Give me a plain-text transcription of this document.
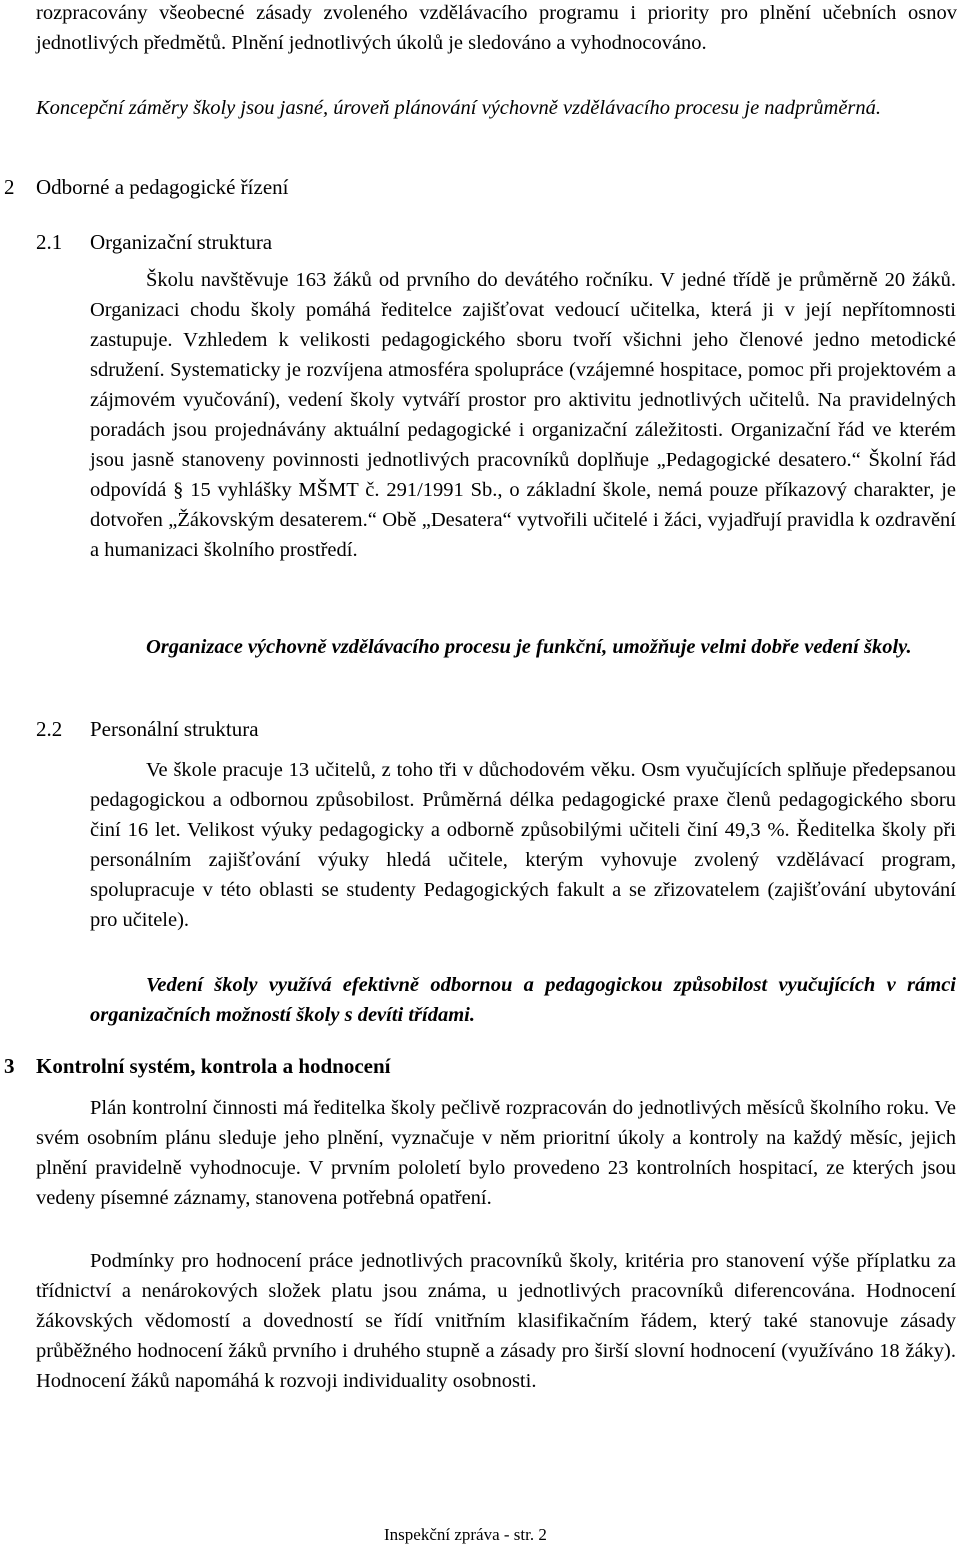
rozpracovány všeobecné zásady zvoleného vzdělávacího programu i priority pro plnění učebních osnov jednotlivých předmětů. Plnění jednotlivých úkolů je sledováno a vyhodnocováno.

Koncepční záměry školy jsou jasné, úroveň plánování výchovně vzdělávacího procesu je nadprůměrná.

2 Odborné a pedagogické řízení
2.1 Organizační struktura

Školu navštěvuje 163 žáků od prvního do devátého ročníku. V jedné třídě je průměrně 20 žáků. Organizaci chodu školy pomáhá ředitelce zajišťovat vedoucí učitelka, která ji v její nepřítomnosti zastupuje. Vzhledem k velikosti pedagogického sboru tvoří všichni jeho členové jedno metodické sdružení. Systematicky je rozvíjena atmosféra spolupráce (vzájemné hospitace, pomoc při projektovém a zájmovém vyučování), vedení školy vytváří prostor pro aktivitu jednotlivých učitelů. Na pravidelných poradách jsou projednávány aktuální pedagogické i organizační záležitosti. Organizační řád ve kterém jsou jasně stanoveny povinnosti jednotlivých pracovníků doplňuje „Pedagogické desatero.“ Školní řád odpovídá § 15 vyhlášky MŠMT č. 291/1991 Sb., o základní škole, nemá pouze příkazový charakter, je dotvořen „Žákovským desaterem.“ Obě „Desatera“ vytvořili učitelé i žáci, vyjadřují pravidla k ozdravění a humanizaci školního prostředí.

Organizace výchovně vzdělávacího procesu je funkční, umožňuje velmi dobře vedení školy.

2.2 Personální struktura

Ve škole pracuje 13 učitelů, z toho tři v důchodovém věku. Osm vyučujících splňuje předepsanou pedagogickou a odbornou způsobilost. Průměrná délka pedagogické praxe členů pedagogického sboru činí 16 let. Velikost výuky pedagogicky a odborně způsobilými učiteli činí 49,3 %. Ředitelka školy při personálním zajišťování výuky hledá učitele, kterým vyhovuje zvolený vzdělávací program, spolupracuje v této oblasti se studenty Pedagogických fakult a se zřizovatelem (zajišťování ubytování pro učitele).

Vedení školy využívá efektivně odbornou a pedagogickou způsobilost vyučujících v rámci organizačních možností školy s devíti třídami.

3 Kontrolní systém, kontrola a hodnocení

Plán kontrolní činnosti má ředitelka školy pečlivě rozpracován do jednotlivých měsíců školního roku. Ve svém osobním plánu sleduje jeho plnění, vyznačuje v něm prioritní úkoly a kontroly na každý měsíc, jejich plnění pravidelně vyhodnocuje. V prvním pololetí bylo provedeno 23 kontrolních hospitací, ze kterých jsou vedeny písemné záznamy, stanovena potřebná opatření.

Podmínky pro hodnocení práce jednotlivých pracovníků školy, kritéria pro stanovení výše příplatku za třídnictví a nenárokových složek platu jsou známa, u jednotlivých pracovníků diferencována. Hodnocení žákovských vědomostí a dovedností se řídí vnitřním klasifikačním řádem, který také stanovuje zásady průběžného hodnocení žáků prvního i druhého stupně a zásady pro širší slovní hodnocení (využíváno 18 žáky). Hodnocení žáků napomáhá k rozvoji individuality osobnosti.

Inspekční zpráva - str. 2
